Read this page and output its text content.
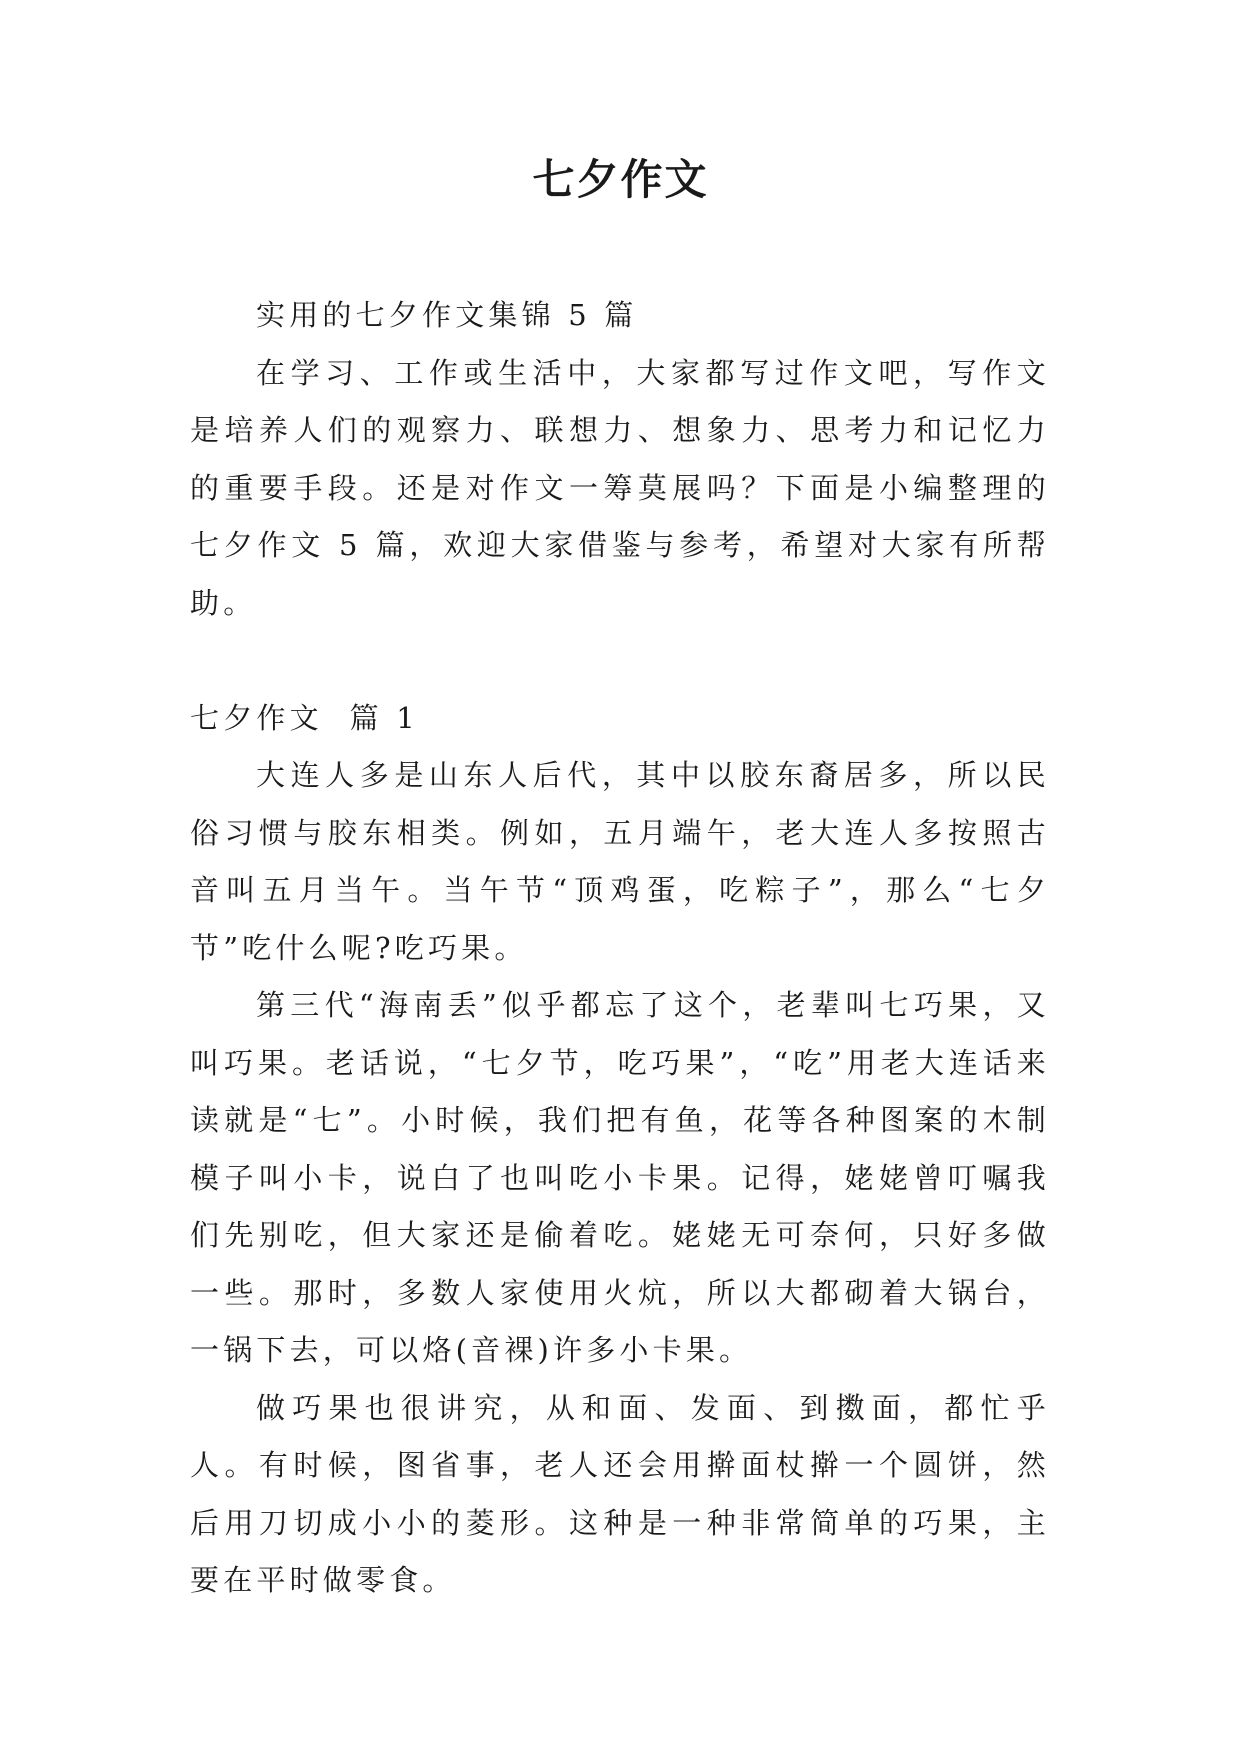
七夕作文

实用的七夕作文集锦 5 篇

在学习、工作或生活中，大家都写过作文吧，写作文是培养人们的观察力、联想力、想象力、思考力和记忆力的重要手段。还是对作文一筹莫展吗？下面是小编整理的七夕作文 5 篇，欢迎大家借鉴与参考，希望对大家有所帮助。

七夕作文  篇 1

大连人多是山东人后代，其中以胶东裔居多，所以民俗习惯与胶东相类。例如，五月端午，老大连人多按照古音叫五月当午。当午节“顶鸡蛋，吃粽子”，那么“七夕节”吃什么呢?吃巧果。

第三代“海南丢”似乎都忘了这个，老辈叫七巧果，又叫巧果。老话说，“七夕节，吃巧果”，“吃”用老大连话来读就是“七”。小时候，我们把有鱼，花等各种图案的木制模子叫小卡，说白了也叫吃小卡果。记得，姥姥曾叮嘱我们先别吃，但大家还是偷着吃。姥姥无可奈何，只好多做一些。那时，多数人家使用火炕，所以大都砌着大锅台，一锅下去，可以烙(音裸)许多小卡果。

做巧果也很讲究，从和面、发面、到擞面，都忙乎人。有时候，图省事，老人还会用擀面杖擀一个圆饼，然后用刀切成小小的菱形。这种是一种非常简单的巧果，主要在平时做零食。
